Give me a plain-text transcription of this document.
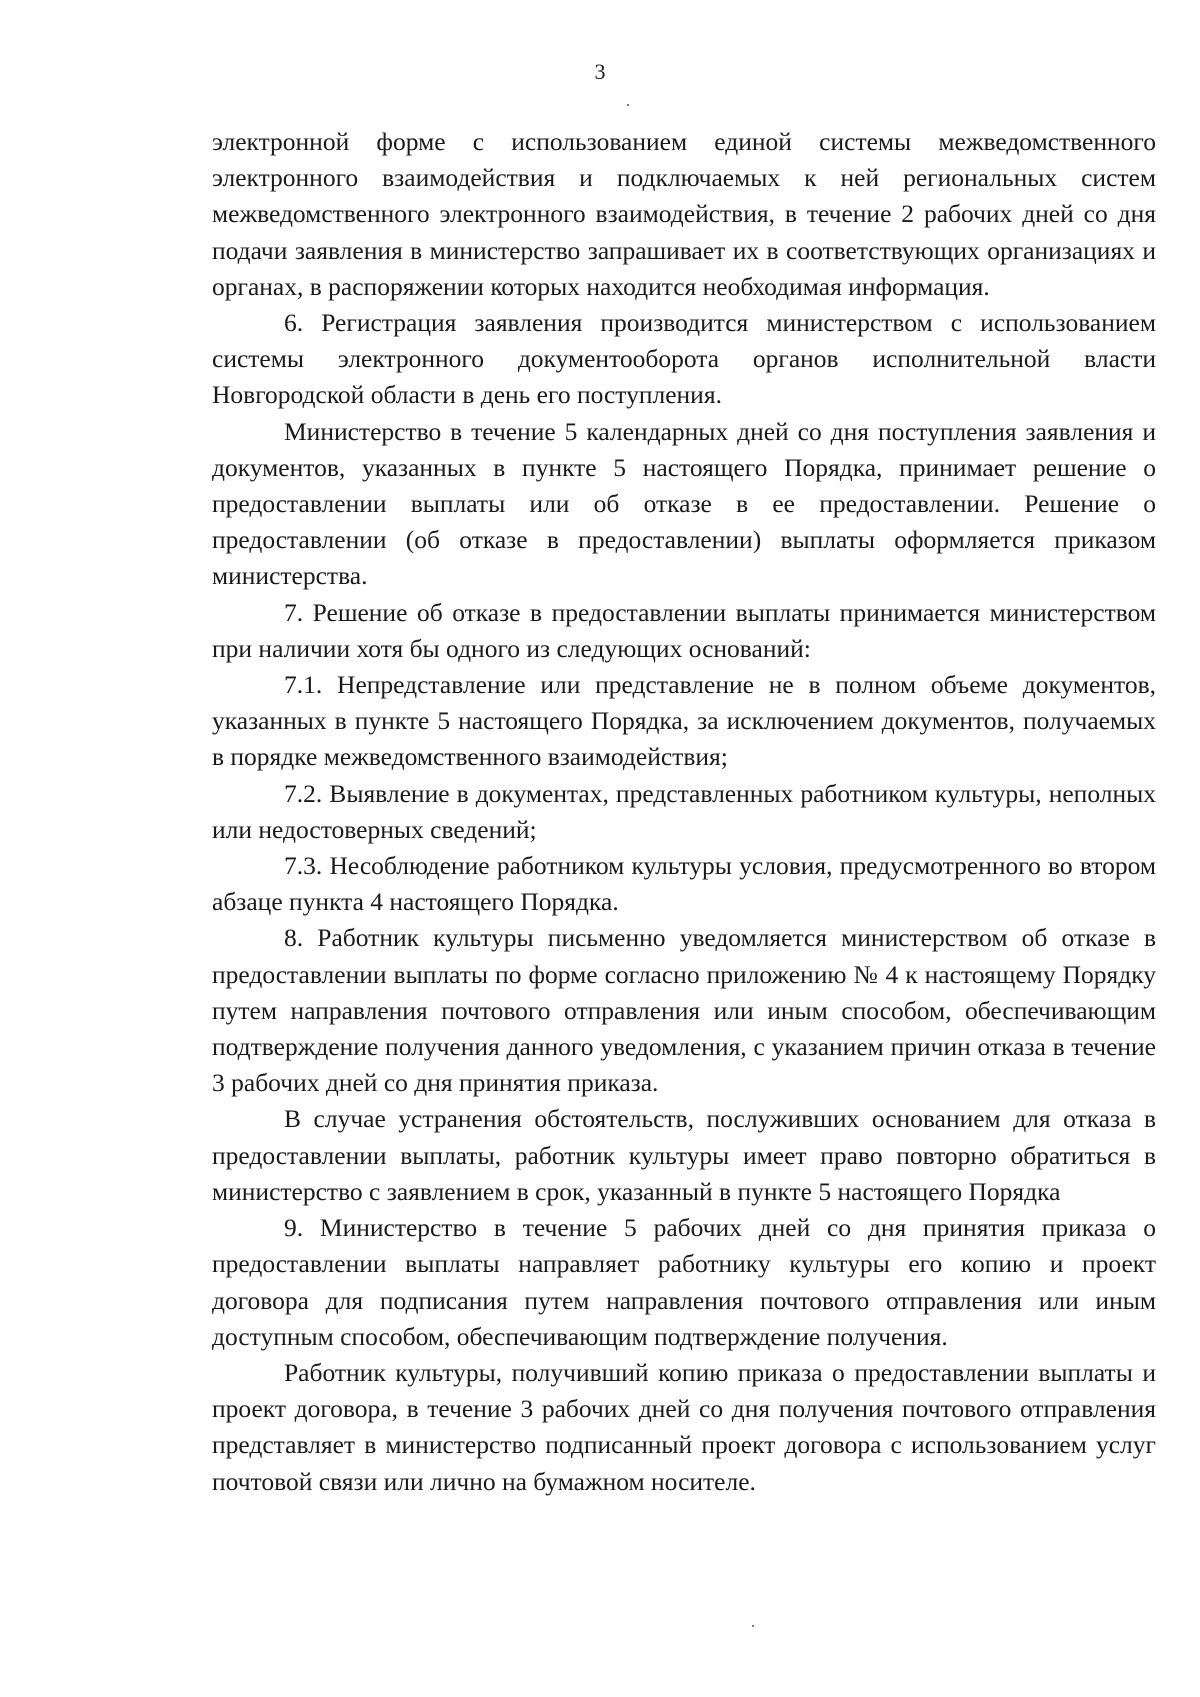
3

электронной форме с использованием единой системы межведомственного электронного взаимодействия и подключаемых к ней региональных систем межведомственного электронного взаимодействия, в течение 2 рабочих дней со дня подачи заявления в министерство запрашивает их в соответствующих организациях и органах, в распоряжении которых находится необходимая информация.

6. Регистрация заявления производится министерством с использованием системы электронного документооборота органов исполнительной власти Новгородской области в день его поступления.

Министерство в течение 5 календарных дней со дня поступления заявления и документов, указанных в пункте 5 настоящего Порядка, принимает решение о предоставлении выплаты или об отказе в ее предоставлении. Решение о предоставлении (об отказе в предоставлении) выплаты оформляется приказом министерства.

7. Решение об отказе в предоставлении выплаты принимается министерством при наличии хотя бы одного из следующих оснований:

7.1. Непредставление или представление не в полном объеме документов, указанных в пункте 5 настоящего Порядка, за исключением документов, получаемых в порядке межведомственного взаимодействия;

7.2. Выявление в документах, представленных работником культуры, неполных или недостоверных сведений;

7.3. Несоблюдение работником культуры условия, предусмотренного во втором абзаце пункта 4 настоящего Порядка.

8. Работник культуры письменно уведомляется министерством об отказе в предоставлении выплаты по форме согласно приложению № 4 к настоящему Порядку путем направления почтового отправления или иным способом, обеспечивающим подтверждение получения данного уведомления, с указанием причин отказа в течение 3 рабочих дней со дня принятия приказа.

В случае устранения обстоятельств, послуживших основанием для отказа в предоставлении выплаты, работник культуры имеет право повторно обратиться в министерство с заявлением в срок, указанный в пункте 5 настоящего Порядка

9. Министерство в течение 5 рабочих дней со дня принятия приказа о предоставлении выплаты направляет работнику культуры его копию и проект договора для подписания путем направления почтового отправления или иным доступным способом, обеспечивающим подтверждение получения.

Работник культуры, получивший копию приказа о предоставлении выплаты и проект договора, в течение 3 рабочих дней со дня получения почтового отправления представляет в министерство подписанный проект договора с использованием услуг почтовой связи или лично на бумажном носителе.
